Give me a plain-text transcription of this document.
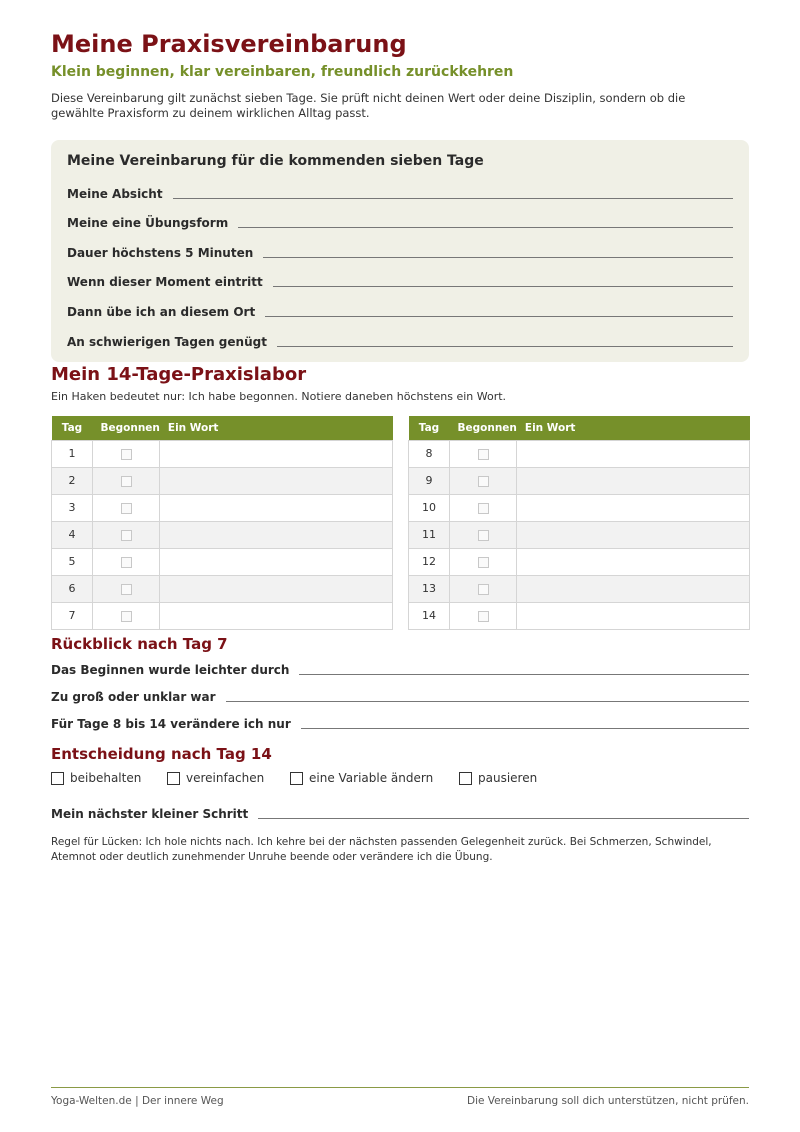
Meine Praxisvereinbarung
Klein beginnen, klar vereinbaren, freundlich zurückkehren

Diese Vereinbarung gilt zunächst sieben Tage. Sie prüft nicht deinen Wert oder deine Disziplin, sondern ob die gewählte Praxisform zu deinem wirklichen Alltag passt.

Meine Vereinbarung für die kommenden sieben Tage
Meine Absicht
Meine eine Übungsform
Dauer höchstens 5 Minuten
Wenn dieser Moment eintritt
Dann übe ich an diesem Ort
An schwierigen Tagen genügt
Mein 14-Tage-Praxislabor
Ein Haken bedeutet nur: Ich habe begonnen. Notiere daneben höchstens ein Wort.
Tag	Begonnen	Ein Wort
1		
2		
3		
4		
5		
6		
7		
Tag	Begonnen	Ein Wort
8		
9		
10		
11		
12		
13		
14		
Rückblick nach Tag 7
Das Beginnen wurde leichter durch
Zu groß oder unklar war
Für Tage 8 bis 14 verändere ich nur
Entscheidung nach Tag 14
beibehalten	vereinfachen	eine Variable ändern	pausieren
Mein nächster kleiner Schritt

Regel für Lücken: Ich hole nichts nach. Ich kehre bei der nächsten passenden Gelegenheit zurück. Bei Schmerzen, Schwindel, Atemnot oder deutlich zunehmender Unruhe beende oder verändere ich die Übung.

Yoga-Welten.de | Der innere Weg	Die Vereinbarung soll dich unterstützen, nicht prüfen.
